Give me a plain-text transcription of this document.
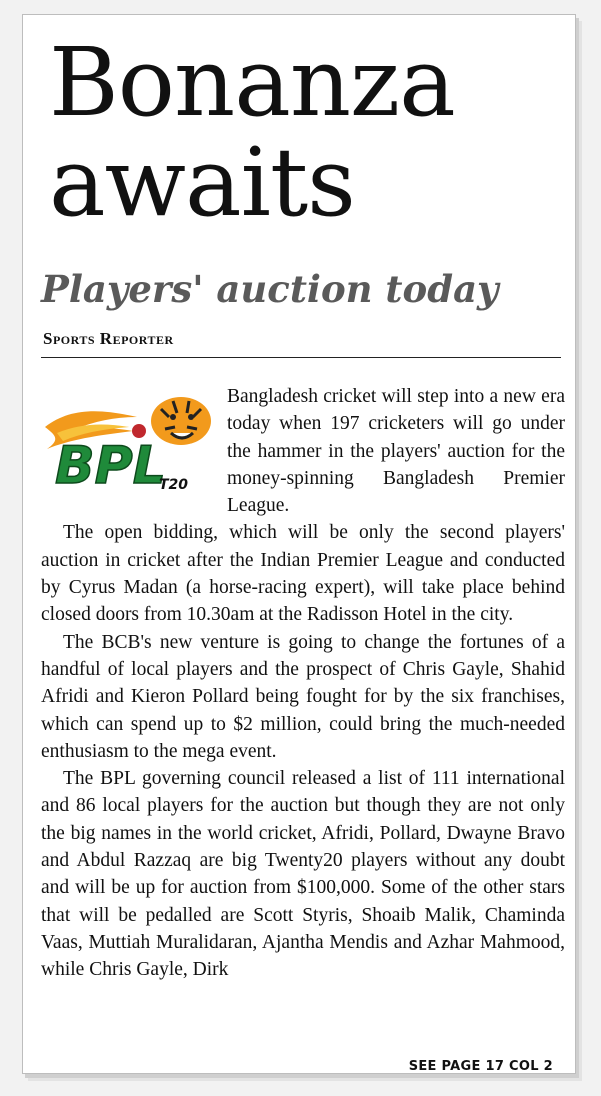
Bonanza awaits
Players' auction today
Sports Reporter
BPL
T20

Bangladesh cricket will step into a new era today when 197 cricketers will go under the hammer in the players' auction for the money-spinning Bangladesh Premier League.

The open bidding, which will be only the second players' auction in cricket after the Indian Premier League and conducted by Cyrus Madan (a horse-racing expert), will take place behind closed doors from 10.30am at the Radisson Hotel in the city.

The BCB's new venture is going to change the fortunes of a handful of local players and the prospect of Chris Gayle, Shahid Afridi and Kieron Pollard being fought for by the six franchises, which can spend up to $2 million, could bring the much-needed enthusiasm to the mega event.

The BPL governing council released a list of 111 international and 86 local players for the auction but though they are not only the big names in the world cricket, Afridi, Pollard, Dwayne Bravo and Abdul Razzaq are big Twenty20 players without any doubt and will be up for auction from $100,000. Some of the other stars that will be pedalled are Scott Styris, Shoaib Malik, Chaminda Vaas, Muttiah Muralidaran, Ajantha Mendis and Azhar Mahmood, while Chris Gayle, Dirk

SEE PAGE 17 COL 2
